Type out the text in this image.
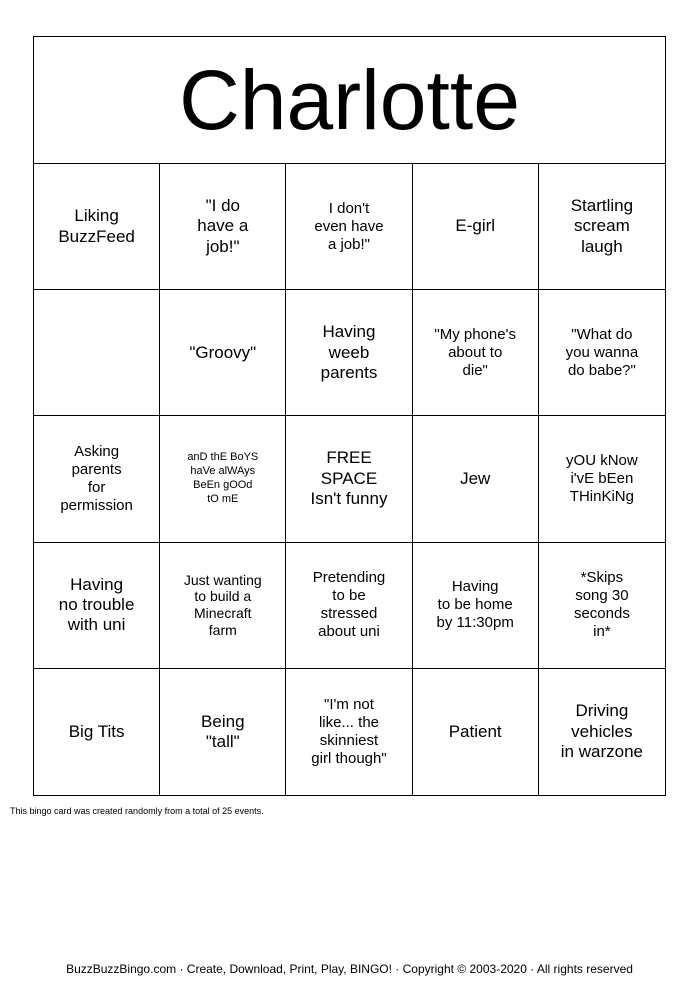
Charlotte
Liking
BuzzFeed
"I do
have a
job!"
I don't
even have
a job!"
E-girl
Startling
scream
laugh
"Groovy"
Having
weeb
parents
"My phone's
about to
die"
"What do
you wanna
do babe?"
Asking
parents
for
permission
anD thE BoYS
haVe alWAys
BeEn gOOd
tO mE
FREE
SPACE
Isn't funny
Jew
yOU kNow
i'vE bEen
THinKiNg
Having
no trouble
with uni
Just wanting
to build a
Minecraft
farm
Pretending
to be
stressed
about uni
Having
to be home
by 11:30pm
*Skips
song 30
seconds
in*
Big Tits
Being
"tall"
"I'm not
like... the
skinniest
girl though"
Patient
Driving
vehicles
in warzone
This bingo card was created randomly from a total of 25 events.
BuzzBuzzBingo.com · Create, Download, Print, Play, BINGO! · Copyright © 2003-2020 · All rights reserved
